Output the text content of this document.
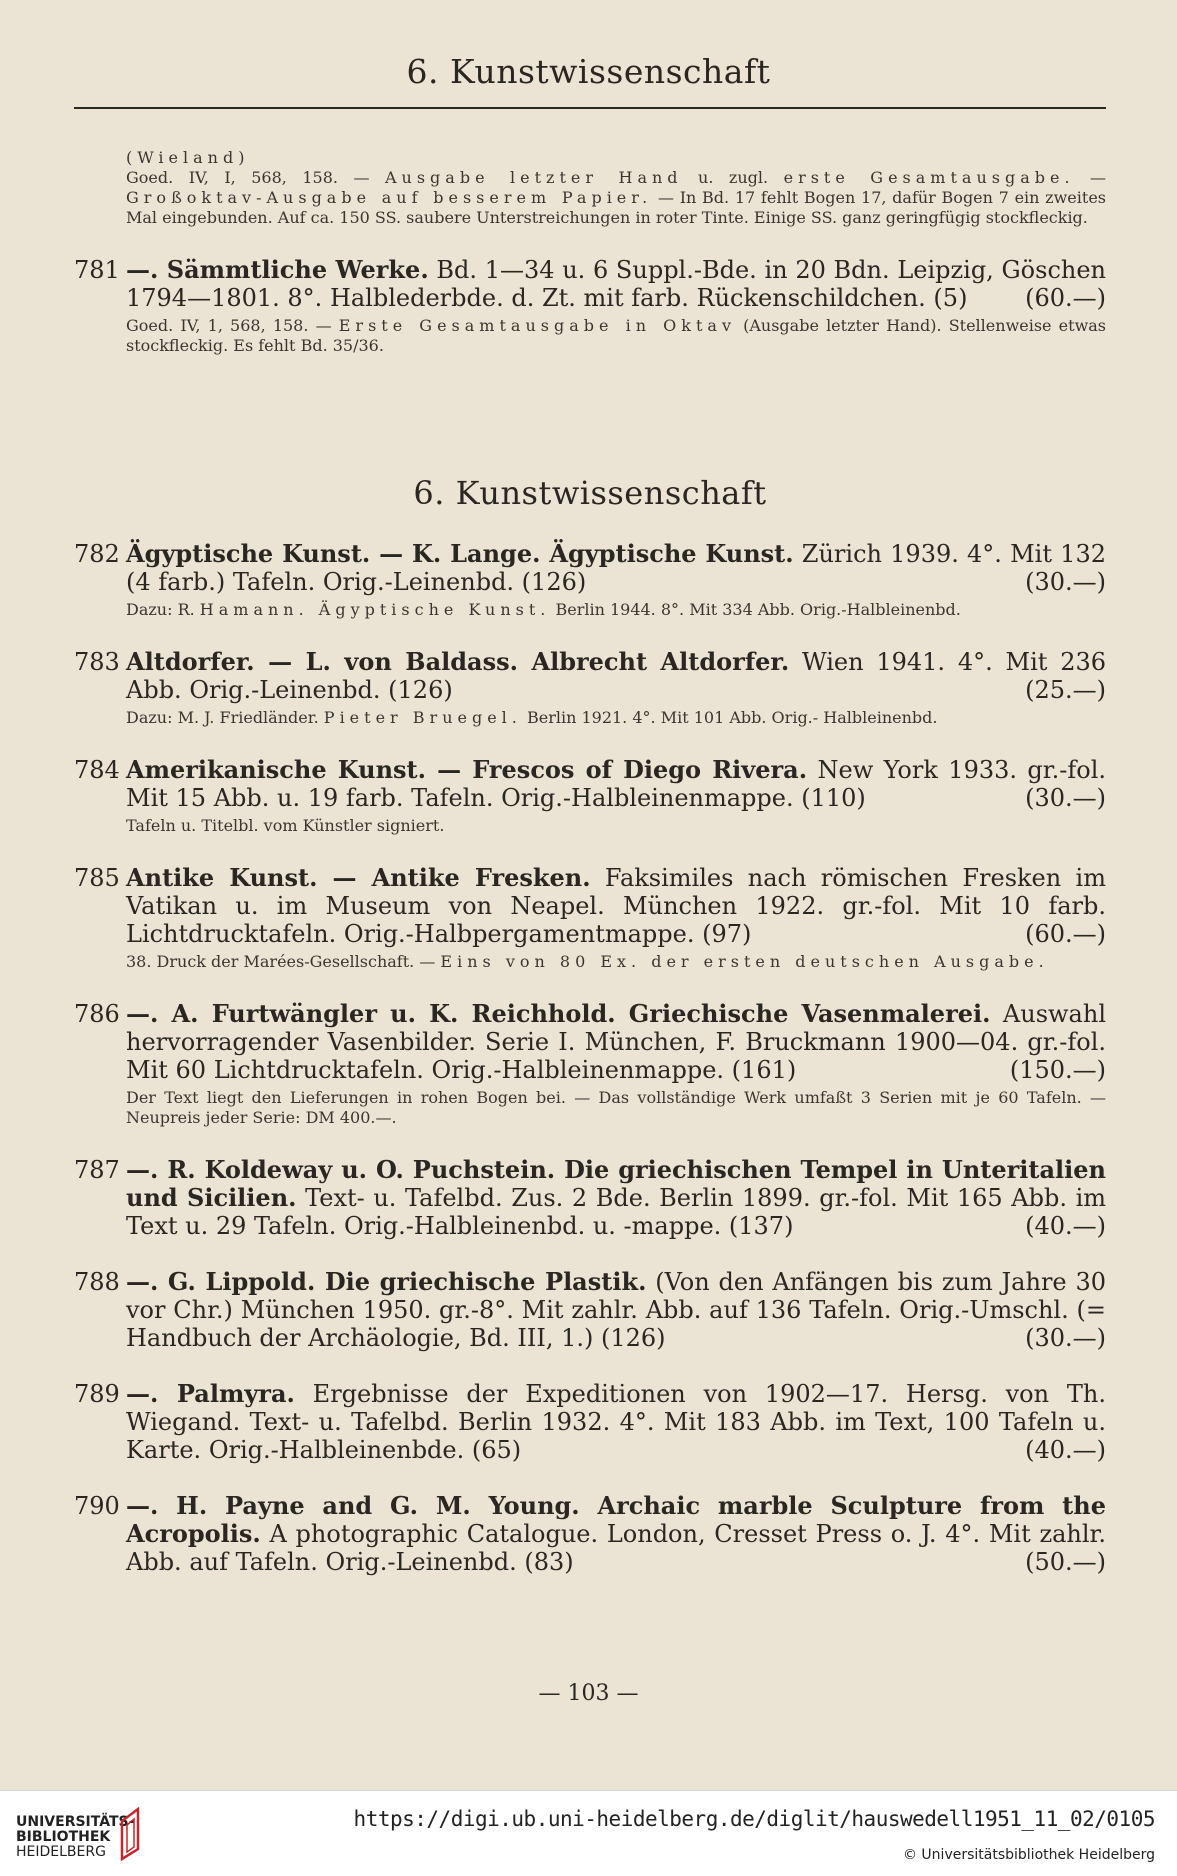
6. Kunstwissenschaft
(Wieland)
Goed. IV, I, 568, 158. — Ausgabe letzter Hand u. zugl. erste Gesamtausgabe. — Großoktav-Ausgabe auf besserem Papier. — In Bd. 17 fehlt Bogen 17, dafür Bogen 7 ein zweites Mal eingebunden. Auf ca. 150 SS. saubere Unterstreichungen in roter Tinte. Einige SS. ganz geringfügig stockfleckig.
781 —. Sämmtliche Werke. Bd. 1—34 u. 6 Suppl.-Bde. in 20 Bdn. Leipzig, Göschen 1794—1801. 8°. Halblederbde. d. Zt. mit farb. Rückenschildchen. (5) (60.—)
Goed. IV, 1, 568, 158. — Erste Gesamtausgabe in Oktav (Ausgabe letzter Hand). Stellenweise etwas stockfleckig. Es fehlt Bd. 35/36.
6. Kunstwissenschaft
782 Ägyptische Kunst. — K. Lange. Ägyptische Kunst. Zürich 1939. 4°. Mit 132 (4 farb.) Tafeln. Orig.-Leinenbd. (126)	(30.—)
Dazu: R. Hamann. Ägyptische Kunst. Berlin 1944. 8°. Mit 334 Abb. Orig.-Halbleinenbd.
783 Altdorfer. — L. von Baldass. Albrecht Altdorfer. Wien 1941. 4°. Mit 236 Abb. Orig.-Leinenbd. (126)	(25.—)
Dazu: M. J. Friedländer. Pieter Bruegel. Berlin 1921. 4°. Mit 101 Abb. Orig.- Halbleinenbd.
784 Amerikanische Kunst. — Frescos of Diego Rivera. New York 1933. gr.-fol. Mit 15 Abb. u. 19 farb. Tafeln. Orig.-Halbleinenmappe. (110)	(30.—)
Tafeln u. Titelbl. vom Künstler signiert.
785 Antike Kunst. — Antike Fresken. Faksimiles nach römischen Fresken im Vatikan u. im Museum von Neapel. München 1922. gr.-fol. Mit 10 farb. Lichtdrucktafeln. Orig.-Halbpergamentmappe. (97)	(60.—)
38. Druck der Marées-Gesellschaft. — Eins von 80 Ex. der ersten deutschen Ausgabe.
786 —. A. Furtwängler u. K. Reichhold. Griechische Vasenmalerei. Auswahl hervorragender Vasenbilder. Serie I. München, F. Bruckmann 1900—04. gr.-fol. Mit 60 Lichtdrucktafeln. Orig.-Halbleinenmappe. (161)	(150.—)
Der Text liegt den Lieferungen in rohen Bogen bei. — Das vollständige Werk umfaßt 3 Serien mit je 60 Tafeln. — Neupreis jeder Serie: DM 400.—.
787 —. R. Koldeway u. O. Puchstein. Die griechischen Tempel in Unteritalien und Sicilien. Text- u. Tafelbd. Zus. 2 Bde. Berlin 1899. gr.-fol. Mit 165 Abb. im Text u. 29 Tafeln. Orig.-Halbleinenbd. u. -mappe. (137)	(40.—)
788 —. G. Lippold. Die griechische Plastik. (Von den Anfängen bis zum Jahre 30 vor Chr.) München 1950. gr.-8°. Mit zahlr. Abb. auf 136 Tafeln. Orig.-Umschl. (= Handbuch der Archäologie, Bd. III, 1.) (126)	(30.—)
789 —. Palmyra. Ergebnisse der Expeditionen von 1902—17. Hersg. von Th. Wiegand. Text- u. Tafelbd. Berlin 1932. 4°. Mit 183 Abb. im Text, 100 Tafeln u. Karte. Orig.-Halbleinenbde. (65)	(40.—)
790 —. H. Payne and G. M. Young. Archaic marble Sculpture from the Acropolis. A photographic Catalogue. London, Cresset Press o. J. 4°. Mit zahlr. Abb. auf Tafeln. Orig.-Leinenbd. (83)	(50.—)
— 103 —
UNIVERSITÄTS-
BIBLIOTHEK
HEIDELBERG
https://digi.ub.uni-heidelberg.de/diglit/hauswedell1951_11_02/0105
© Universitätsbibliothek Heidelberg
